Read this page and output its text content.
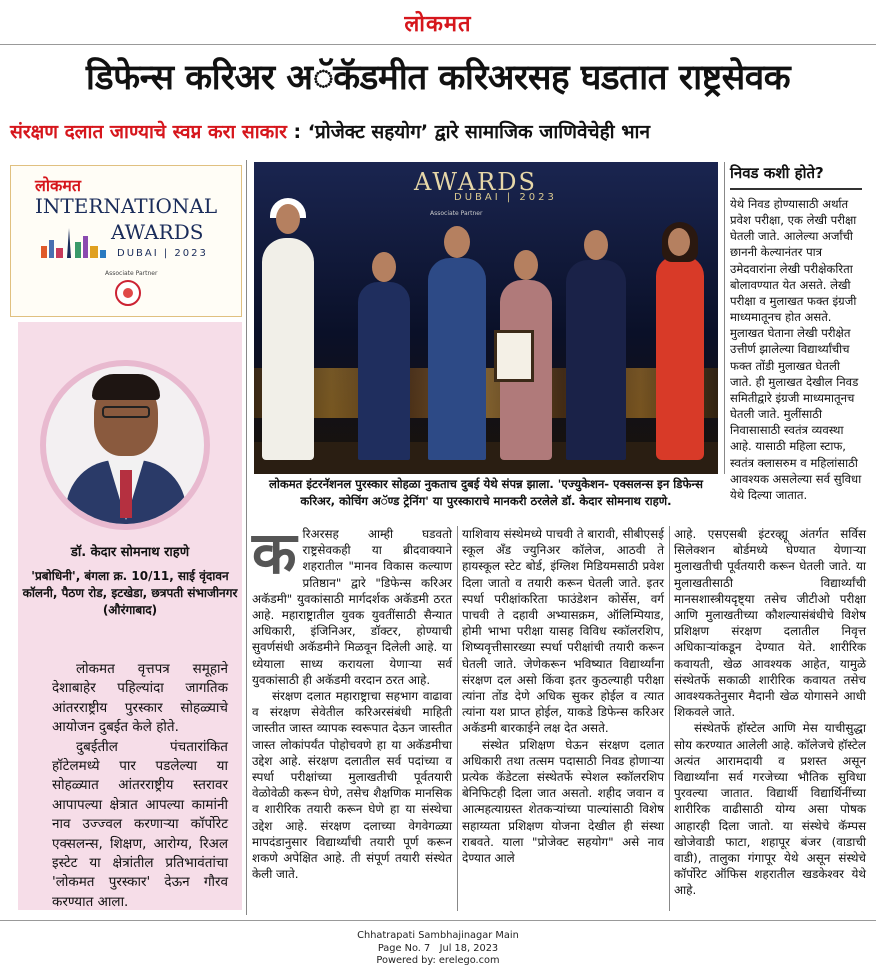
लोकमत
डिफेन्स करिअर अॅकॅडमीत करिअरसह घडतात राष्ट्रसेवक
संरक्षण दलात जाण्याचे स्वप्न करा साकार : ‘प्रोजेक्ट सहयोग’ द्वारे सामाजिक जाणिवेचेही भान
लोकमत
INTERNATIONAL
AWARDS
DUBAI | 2023
Associate Partner
डॉ. केदार सोमनाथ राहणे
'प्रबोधिनी', बंगला क्र. 10/11, साई वृंदावन कॉलनी, पैठण रोड, इटखेडा, छत्रपती संभाजीनगर (औरंगाबाद)
लोकमत वृत्तपत्र समूहाने देशाबाहेर पहिल्यांदा जागतिक आंतरराष्ट्रीय पुरस्कार सोहळ्याचे आयोजन दुबईत केले होते.
दुबईतील पंचतारांकित हॉटेलमध्ये पार पडलेल्या या सोहळ्यात आंतरराष्ट्रीय स्तरावर आपापल्या क्षेत्रात आपल्या कामांनी नाव उज्ज्वल करणाऱ्या कॉर्पोरेट एक्सलन्स, शिक्षण, आरोग्य, रिअल इस्टेट या क्षेत्रांतील प्रतिभावंतांचा 'लोकमत पुरस्कार' देऊन गौरव करण्यात आला.
AWARDS
DUBAI | 2023
Associate Partner
लोकमत इंटरनॅशनल पुरस्कार सोहळा नुकताच दुबई येथे संपन्न झाला. 'एज्युकेशन- एक्सलन्स इन डिफेन्स करिअर, कोचिंग अॅण्ड ट्रेनिंग' या पुरस्काराचे मानकरी ठरलेले डॉ. केदार सोमनाथ राहणे.
निवड कशी होते?
येथे निवड होण्यासाठी अर्थात प्रवेश परीक्षा, एक लेखी परीक्षा घेतली जाते. आलेल्या अर्जांची छाननी केल्यानंतर पात्र उमेदवारांना लेखी परीक्षेकरिता बोलावण्यात येत असते. लेखी परीक्षा व मुलाखत फक्त इंग्रजी माध्यमातूनच होत असते. मुलाखत घेताना लेखी परीक्षेत उत्तीर्ण झालेल्या विद्यार्थ्यांचीच फक्त तोंडी मुलाखत घेतली जाते. ही मुलाखत देखील निवड समितीद्वारे इंग्रजी माध्यमातूनच घेतली जाते. मुलींसाठी निवासासाठी स्वतंत्र व्यवस्था आहे. यासाठी महिला स्टाफ, स्वतंत्र क्लासरुम व महिलांसाठी आवश्यक असलेल्या सर्व सुविधा येथे दिल्या जातात.

करिअरसह आम्ही घडवतो राष्ट्रसेवकही या ब्रीदवाक्याने शहरातील "मानव विकास कल्याण प्रतिष्ठान" द्वारे "डिफेन्स करिअर अकॅडमी" युवकांसाठी मार्गदर्शक अकॅडमी ठरत आहे. महाराष्ट्रातील युवक युवतींसाठी सैन्यात अधिकारी, इंजिनिअर, डॉक्टर, होण्याची सुवर्णसंधी अकॅडमीने मिळवून दिलेली आहे. या ध्येयाला साध्य करायला येणाऱ्या सर्व युवकांसाठी ही अकॅडमी वरदान ठरत आहे.

संरक्षण दलात महाराष्ट्राचा सहभाग वाढावा व संरक्षण सेवेतील करिअरसंबंधी माहिती जास्तीत जास्त व्यापक स्वरूपात देऊन जास्तीत जास्त लोकांपर्यंत पोहोचवणे हा या अकॅडमीचा उद्देश आहे. संरक्षण दलातील सर्व पदांच्या व स्पर्धा परीक्षांच्या मुलाखतीची पूर्वतयारी वेळोवेळी करून घेणे, तसेच शैक्षणिक मानसिक व शारीरिक तयारी करून घेणे हा या संस्थेचा उद्देश आहे. संरक्षण दलाच्या वेगवेगळ्या मापदंडानुसार विद्यार्थ्यांची तयारी पूर्ण करून शकणे अपेक्षित आहे. ती संपूर्ण तयारी संस्थेत केली जाते.

याशिवाय संस्थेमध्ये पाचवी ते बारावी, सीबीएसई स्कूल अँड ज्युनिअर कॉलेज, आठवी ते हायस्कूल स्टेट बोर्ड, इंग्लिश मिडियमसाठी प्रवेश दिला जातो व तयारी करून घेतली जाते. इतर स्पर्धा परीक्षांकरिता फाउंडेशन कोर्सेस, वर्ग पाचवी ते दहावी अभ्यासक्रम, ऑलिम्पियाड, होमी भाभा परीक्षा यासह विविध स्कॉलरशिप, शिष्यवृत्तीसारख्या स्पर्धा परीक्षांची तयारी करून घेतली जाते. जेणेकरून भविष्यात विद्यार्थ्यांना संरक्षण दल असो किंवा इतर कुठल्याही परीक्षा त्यांना तोंड देणे अधिक सुकर होईल व त्यात त्यांना यश प्राप्त होईल, याकडे डिफेन्स करिअर अकॅडमी बारकाईने लक्ष देत असते.

संस्थेत प्रशिक्षण घेऊन संरक्षण दलात अधिकारी तथा तत्सम पदासाठी निवड होणाऱ्या प्रत्येक कॅडेटला संस्थेतर्फे स्पेशल स्कॉलरशिप बेनिफिटही दिला जात असतो. शहीद जवान व आत्महत्याग्रस्त शेतकऱ्यांच्या पाल्यांसाठी विशेष सहाय्यता प्रशिक्षण योजना देखील ही संस्था राबवते. याला "प्रोजेक्ट सहयोग" असे नाव देण्यात आले

आहे. एसएसबी इंटरव्ह्यू अंतर्गत सर्विस सिलेक्शन बोर्डमध्ये घेण्यात येणाऱ्या मुलाखतीची पूर्वतयारी करून घेतली जाते. या मुलाखतीसाठी विद्यार्थ्यांची मानसशास्त्रीयदृष्ट्या तसेच जीटीओ परीक्षा आणि मुलाखतीच्या कौशल्यासंबंधीचे विशेष प्रशिक्षण संरक्षण दलातील निवृत्त अधिकाऱ्यांकडून देण्यात येते. शारीरिक कवायती, खेळ आवश्यक आहेत, यामुळे संस्थेतर्फे सकाळी शारीरिक कवायत तसेच आवश्यकतेनुसार मैदानी खेळ योगासने आधी शिकवले जाते.

संस्थेतर्फे हॉस्टेल आणि मेस याचीसुद्धा सोय करण्यात आलेली आहे. कॉलेजचे हॉस्टेल अत्यंत आरामदायी व प्रशस्त असून विद्यार्थ्यांना सर्व गरजेच्या भौतिक सुविधा पुरवल्या जातात. विद्यार्थी विद्यार्थिनींच्या शारीरिक वाढीसाठी योग्य असा पोषक आहारही दिला जातो. या संस्थेचे कॅम्पस खोजेवाडी फाटा, शहापूर बंजर (वाडाची वाडी), तालुका गंगापूर येथे असून संस्थेचे कॉर्पोरेट ऑफिस शहरातील खडकेश्वर येथे आहे.

Chhatrapati Sambhajinagar Main
Page No. 7   Jul 18, 2023
Powered by: erelego.com
